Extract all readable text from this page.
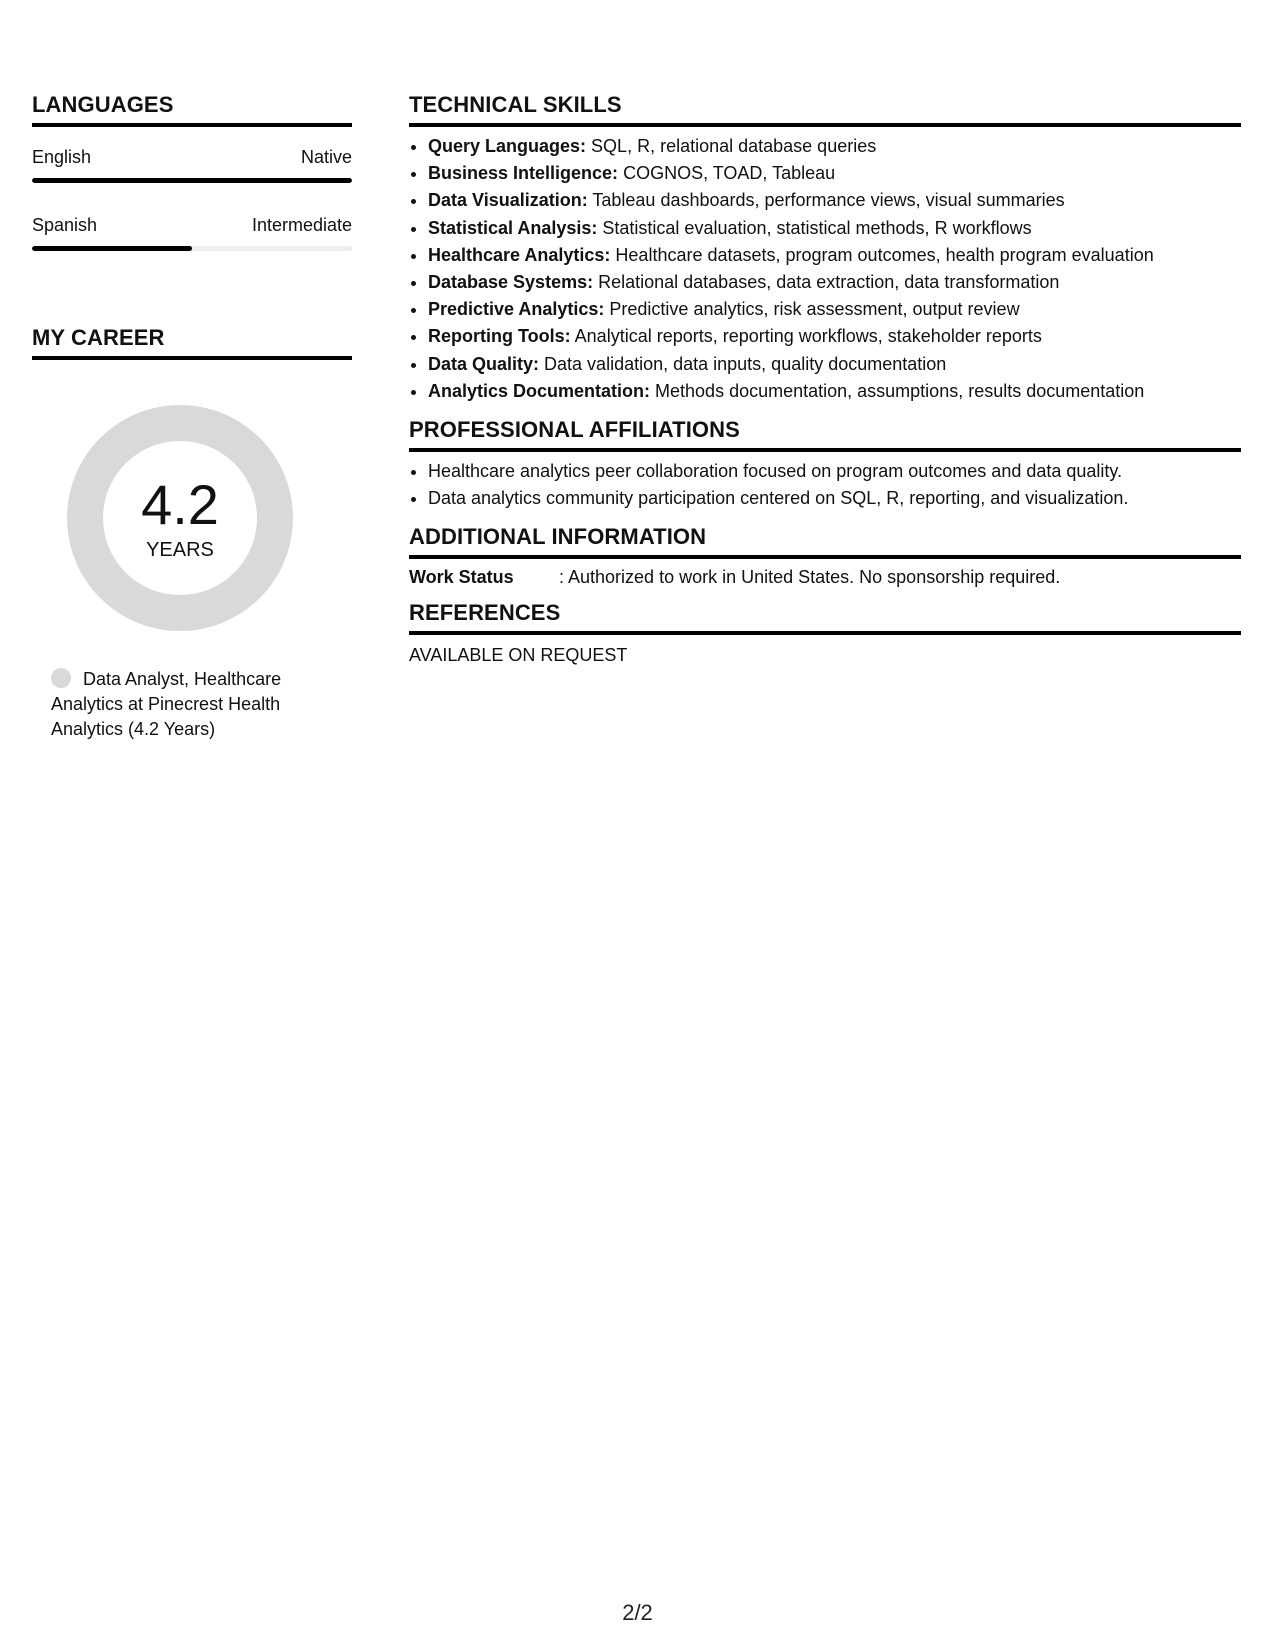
LANGUAGES
English	Native
Spanish	Intermediate
MY CAREER
4.2
YEARS
Data Analyst, Healthcare Analytics at Pinecrest Health Analytics (4.2 Years)
TECHNICAL SKILLS
• Query Languages: SQL, R, relational database queries
• Business Intelligence: COGNOS, TOAD, Tableau
• Data Visualization: Tableau dashboards, performance views, visual summaries
• Statistical Analysis: Statistical evaluation, statistical methods, R workflows
• Healthcare Analytics: Healthcare datasets, program outcomes, health program evaluation
• Database Systems: Relational databases, data extraction, data transformation
• Predictive Analytics: Predictive analytics, risk assessment, output review
• Reporting Tools: Analytical reports, reporting workflows, stakeholder reports
• Data Quality: Data validation, data inputs, quality documentation
• Analytics Documentation: Methods documentation, assumptions, results documentation
PROFESSIONAL AFFILIATIONS
• Healthcare analytics peer collaboration focused on program outcomes and data quality.
• Data analytics community participation centered on SQL, R, reporting, and visualization.
ADDITIONAL INFORMATION
Work Status	: Authorized to work in United States. No sponsorship required.
REFERENCES
AVAILABLE ON REQUEST
2/2
